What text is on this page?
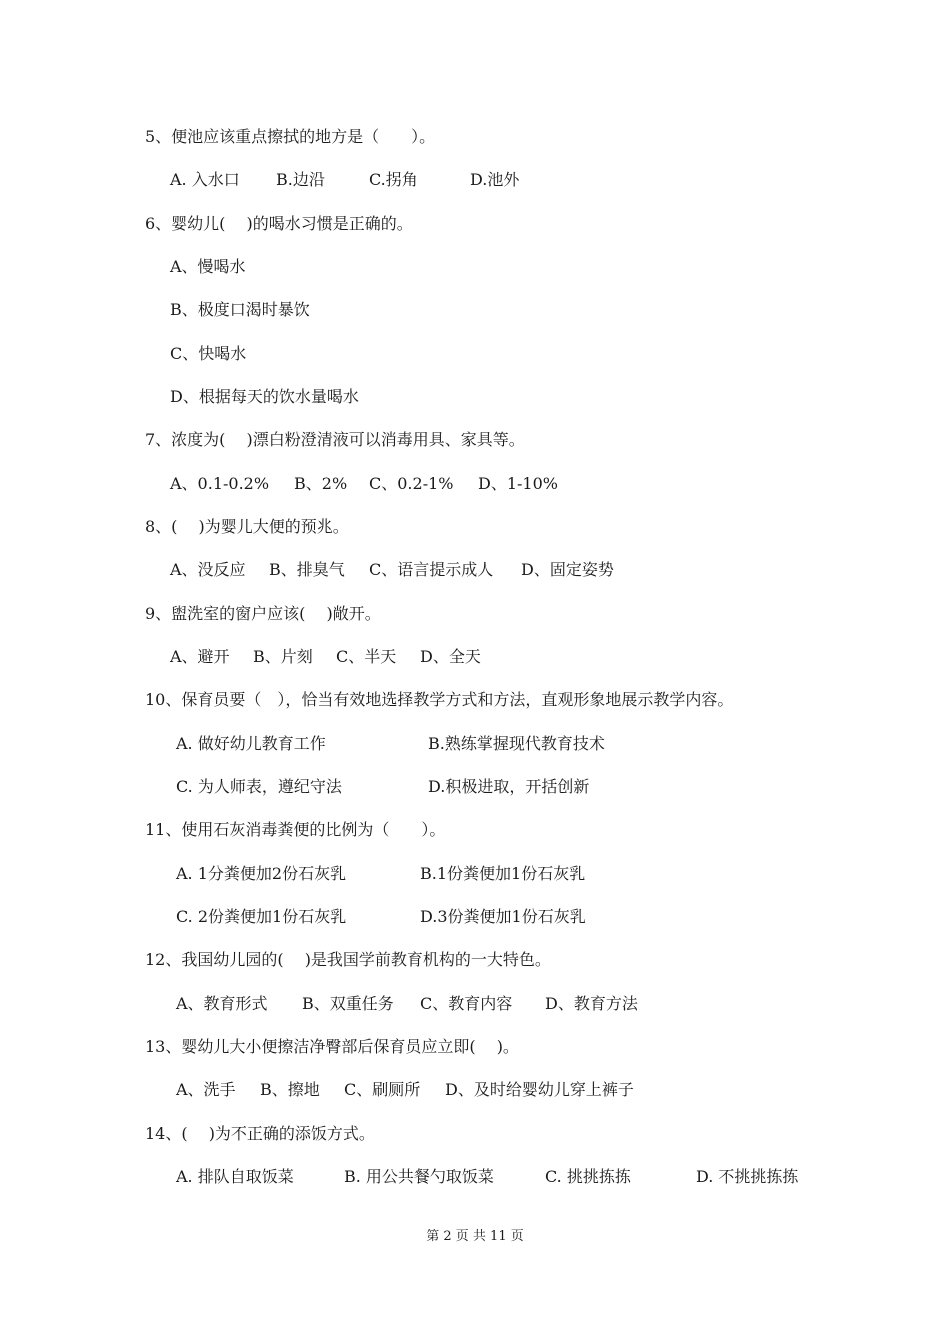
5、便池应该重点擦拭的地方是（　　）。
A. 入水口 B.边沿	C.拐角	D.池外
6、婴幼儿(　 )的喝水习惯是正确的。
A、慢喝水
B、极度口渴时暴饮
C、快喝水
D、根据每天的饮水量喝水
7、浓度为(　 )漂白粉澄清液可以消毒用具、家具等。
A、0.1-0.2% B、2% C、0.2-1% D、1-10%
8、(　 )为婴儿大便的预兆。
A、没反应 B、排臭气 C、语言提示成人 D、固定姿势
9、盥洗室的窗户应该(　 )敞开。
A、避开 B、片刻 C、半天 D、全天
10、保育员要（　），恰当有效地选择教学方式和方法，直观形象地展示教学内容。
A. 做好幼儿教育工作	B.熟练掌握现代教育技术
C. 为人师表，遵纪守法	D.积极进取，开括创新
11、使用石灰消毒粪便的比例为（　　）。
A. 1分粪便加2份石灰乳	B.1份粪便加1份石灰乳
C. 2份粪便加1份石灰乳	D.3份粪便加1份石灰乳
12、我国幼儿园的(　 )是我国学前教育机构的一大特色。
A、教育形式 B、双重任务 C、教育内容 D、教育方法
13、婴幼儿大小便擦洁净臀部后保育员应立即(　 )。
A、洗手 B、擦地 C、刷厕所 D、及时给婴幼儿穿上裤子
14、(　 )为不正确的添饭方式。
A. 排队自取饭菜	B. 用公共餐勺取饭菜	C. 挑挑拣拣	D. 不挑挑拣拣
第 2 页 共 11 页
